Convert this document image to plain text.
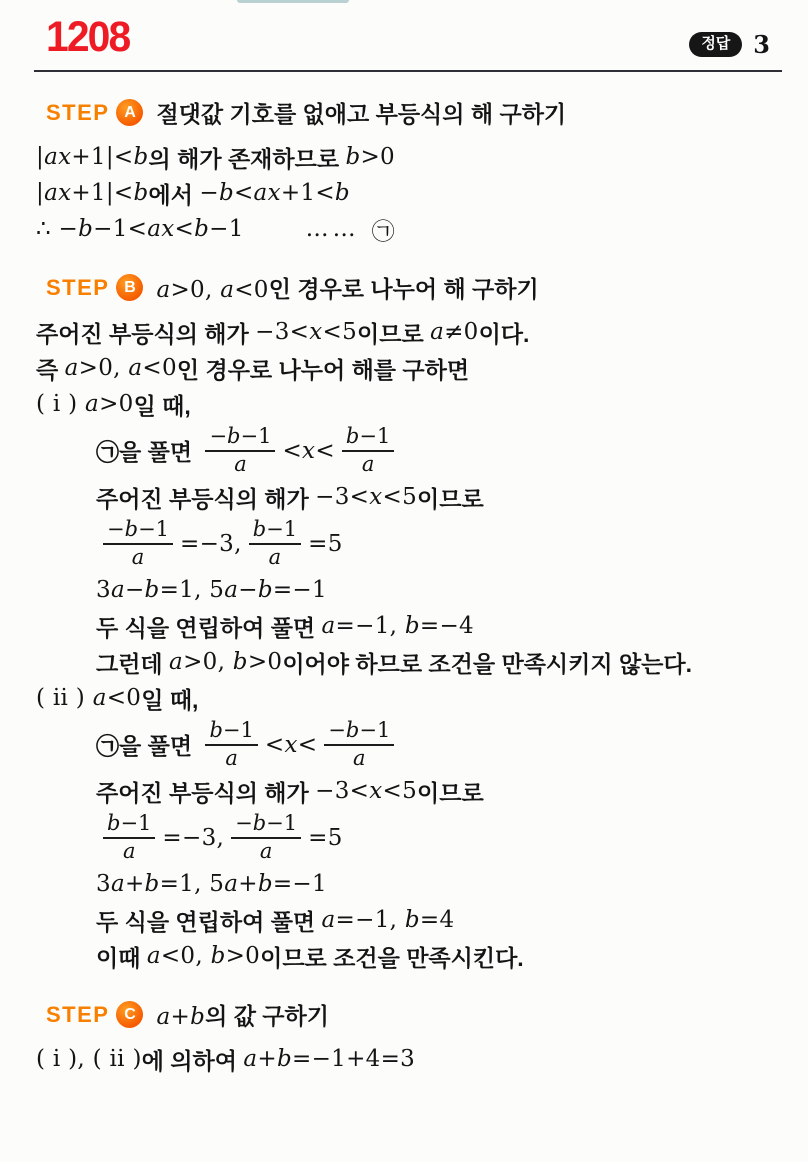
1208	정답 3
STEP A 절댓값 기호를 없애고 부등식의 해 구하기
|ax+1|<b 의 해가 존재하므로 b>0
|ax+1|<b 에서 −b<ax+1<b
∴ −b−1<ax<b−1	…… ㉠
STEP B a>0, a<0 인 경우로 나누어 해 구하기
주어진 부등식의 해가 −3<x<5 이므로 a≠0 이다.
즉 a>0, a<0 인 경우로 나누어 해를 구하면
( i ) a>0 일 때,
㉠을 풀면 $\frac{-b-1}{a} <x< \frac{b-1}{a}$
주어진 부등식의 해가 −3<x<5 이므로
$\frac{-b-1}{a} =-3$, $\frac{b-1}{a} =5$
3a−b=1, 5a−b=−1
두 식을 연립하여 풀면 a=−1, b=−4
그런데 a>0, b>0 이어야 하므로 조건을 만족시키지 않는다.
( ii ) a<0 일 때,
㉠을 풀면 $\frac{b-1}{a} <x< \frac{-b-1}{a}$
주어진 부등식의 해가 −3<x<5 이므로
$\frac{b-1}{a} =-3$, $\frac{-b-1}{a} =5$
3a+b=1, 5a+b=−1
두 식을 연립하여 풀면 a=−1, b=4
이때 a<0, b>0 이므로 조건을 만족시킨다.
STEP C a+b 의 값 구하기
( i ), ( ii ) 에 의하여 a+b=−1+4=3
